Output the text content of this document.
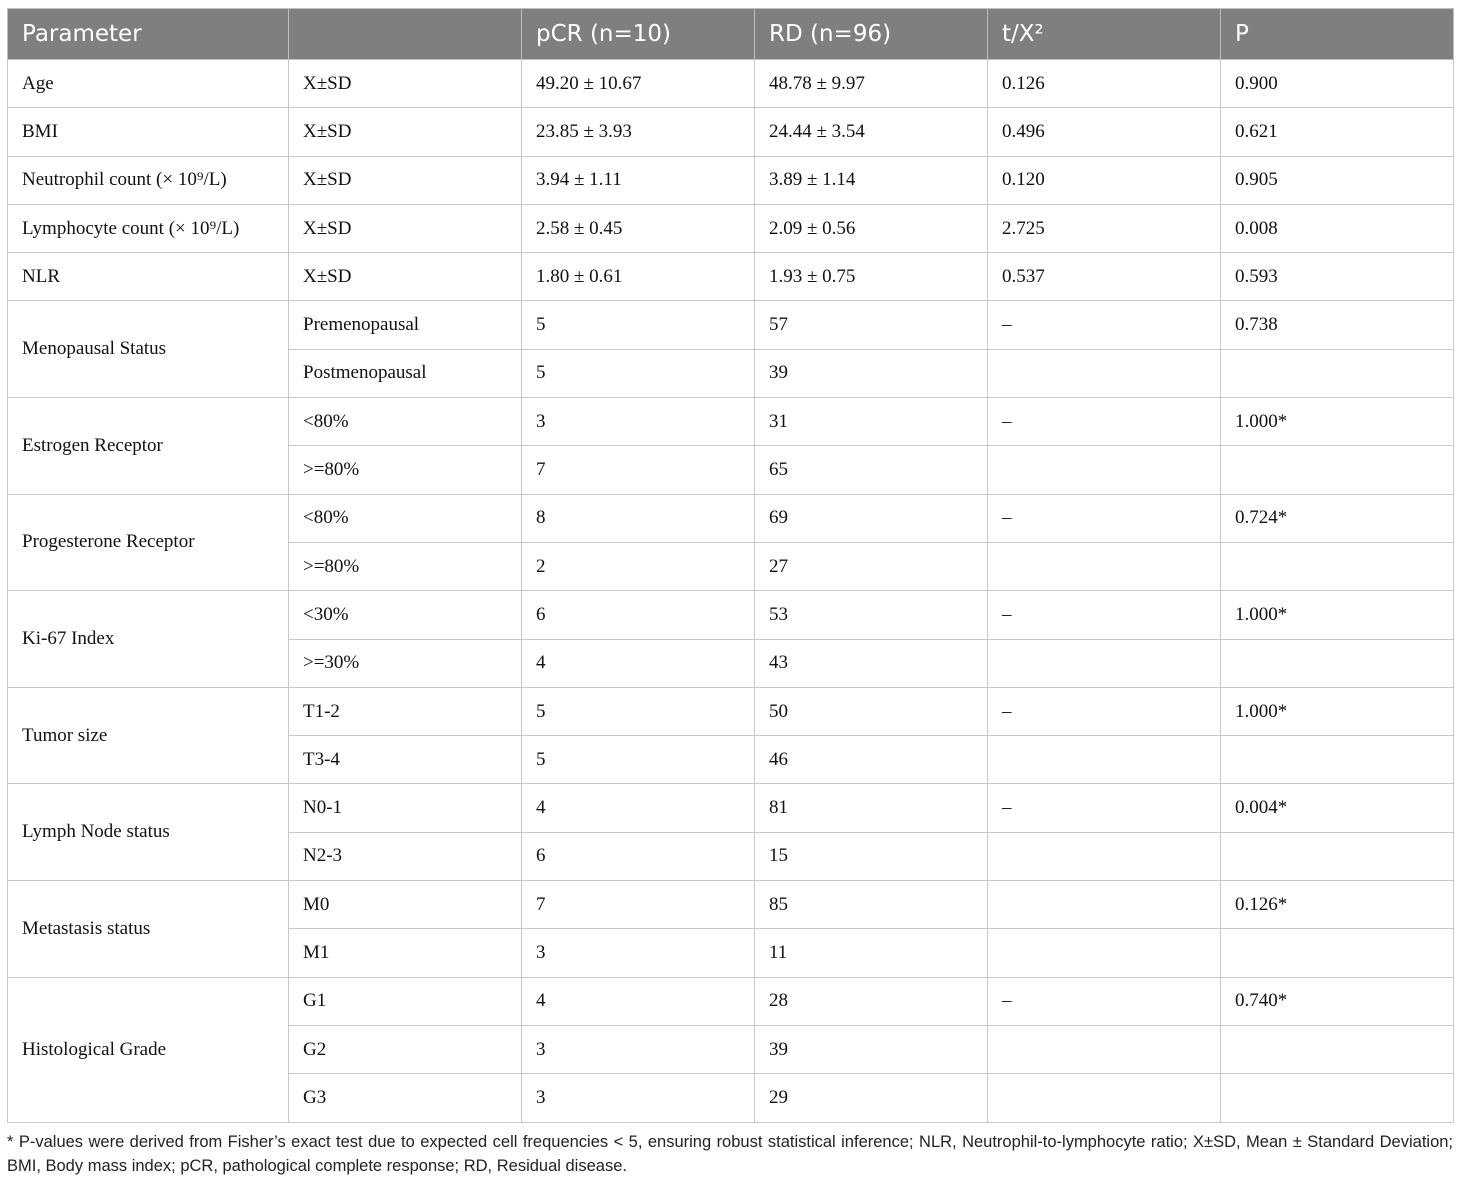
Parameter		pCR (n=10)	RD (n=96)	t/X²	P
Age	X±SD	49.20 ± 10.67	48.78 ± 9.97	0.126	0.900
BMI	X±SD	23.85 ± 3.93	24.44 ± 3.54	0.496	0.621
Neutrophil count (× 10⁹/L)	X±SD	3.94 ± 1.11	3.89 ± 1.14	0.120	0.905
Lymphocyte count (× 10⁹/L)	X±SD	2.58 ± 0.45	2.09 ± 0.56	2.725	0.008
NLR	X±SD	1.80 ± 0.61	1.93 ± 0.75	0.537	0.593
Menopausal Status	Premenopausal	5	57	–	0.738
	Postmenopausal	5	39		
Estrogen Receptor	<80%	3	31	–	1.000*
	>=80%	7	65		
Progesterone Receptor	<80%	8	69	–	0.724*
	>=80%	2	27		
Ki-67 Index	<30%	6	53	–	1.000*
	>=30%	4	43		
Tumor size	T1-2	5	50	–	1.000*
	T3-4	5	46		
Lymph Node status	N0-1	4	81	–	0.004*
	N2-3	6	15		
Metastasis status	M0	7	85		0.126*
	M1	3	11		
Histological Grade	G1	4	28	–	0.740*
	G2	3	39		
	G3	3	29		
* P-values were derived from Fisher’s exact test due to expected cell frequencies < 5, ensuring robust statistical inference; NLR, Neutrophil-to-lymphocyte ratio; X±SD, Mean ± Standard Deviation; BMI, Body mass index; pCR, pathological complete response; RD, Residual disease.
